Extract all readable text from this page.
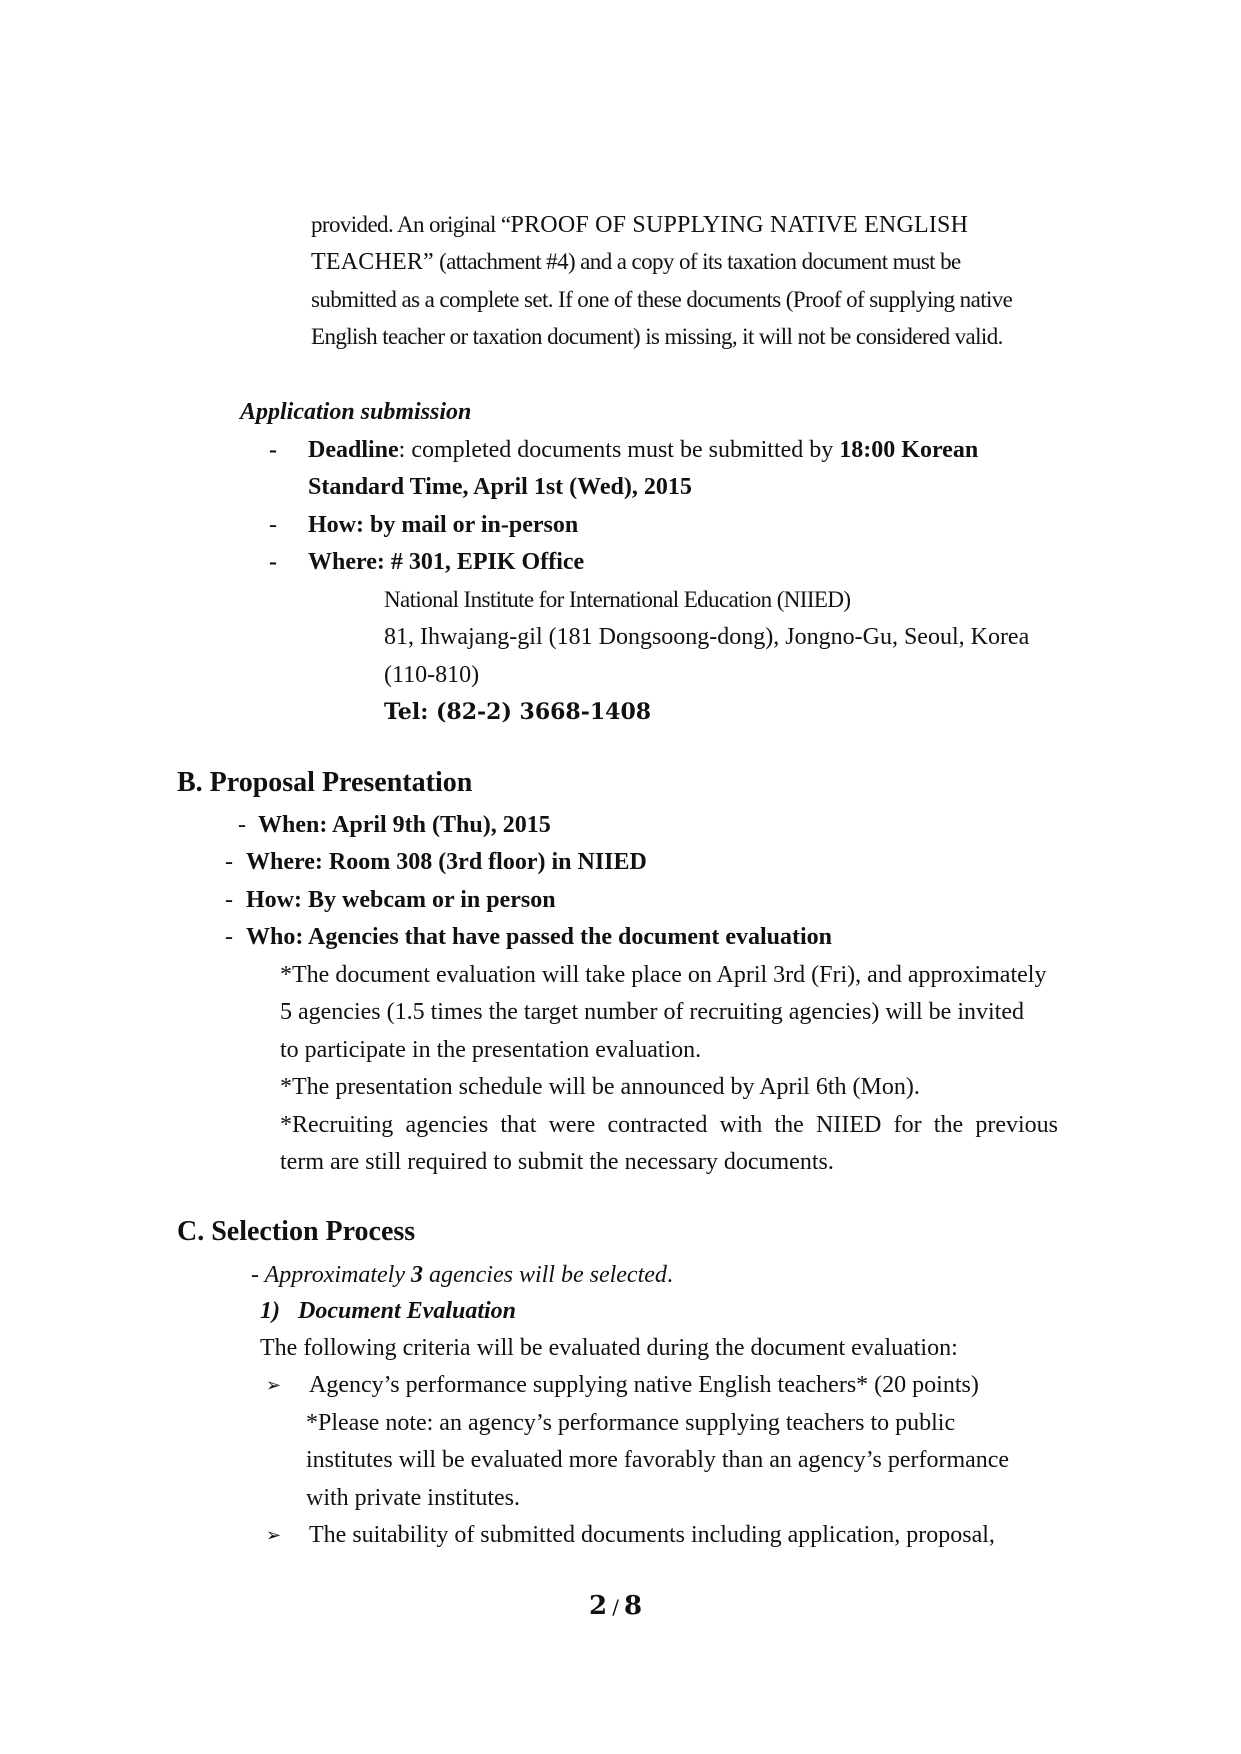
provided. An original “PROOF OF SUPPLYING NATIVE ENGLISH
TEACHER” (attachment #4) and a copy of its taxation document must be
submitted as a complete set. If one of these documents (Proof of supplying native
English teacher or taxation document) is missing, it will not be considered valid.
Application submission
- Deadline: completed documents must be submitted by 18:00 Korean
Standard Time, April 1st (Wed), 2015
- How: by mail or in-person
- Where: # 301, EPIK Office
National Institute for International Education (NIIED)
81, Ihwajang-gil (181 Dongsoong-dong), Jongno-Gu, Seoul, Korea
(110-810)
Tel: (82-2) 3668-1408
B. Proposal Presentation
- When: April 9th (Thu), 2015
- Where: Room 308 (3rd floor) in NIIED
- How: By webcam or in person
- Who: Agencies that have passed the document evaluation
*The document evaluation will take place on April 3rd (Fri), and approximately
5 agencies (1.5 times the target number of recruiting agencies) will be invited
to participate in the presentation evaluation.
*The presentation schedule will be announced by April 6th (Mon).
*Recruiting agencies that were contracted with the NIIED for the previous
term are still required to submit the necessary documents.
C. Selection Process
- Approximately 3 agencies will be selected.
1)   Document Evaluation
The following criteria will be evaluated during the document evaluation:
➢ Agency’s performance supplying native English teachers* (20 points)
*Please note: an agency’s performance supplying teachers to public
institutes will be evaluated more favorably than an agency’s performance
with private institutes.
➢ The suitability of submitted documents including application, proposal,
2 / 8
